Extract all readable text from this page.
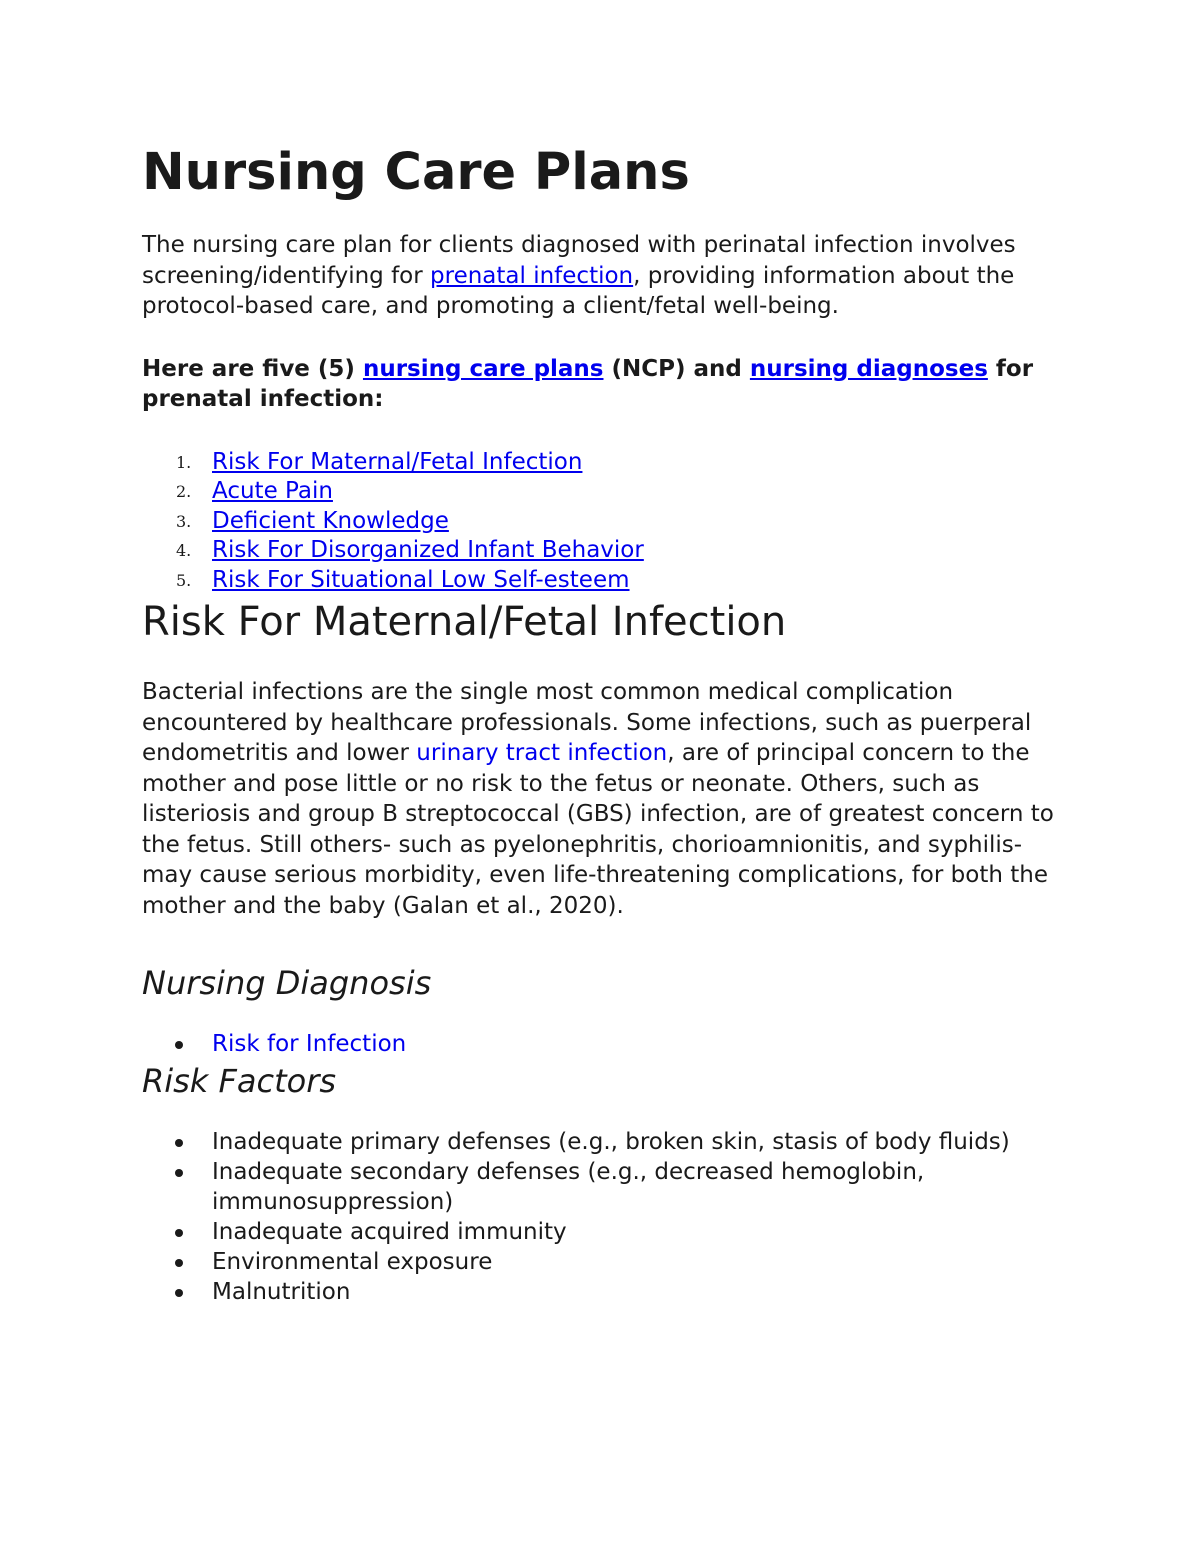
Nursing Care Plans

The nursing care plan for clients diagnosed with perinatal infection involves screening/identifying for prenatal infection, providing information about the protocol-based care, and promoting a client/fetal well-being.

Here are five (5) nursing care plans (NCP) and nursing diagnoses for prenatal infection:

1. Risk For Maternal/Fetal Infection
2. Acute Pain
3. Deficient Knowledge
4. Risk For Disorganized Infant Behavior
5. Risk For Situational Low Self-esteem
Risk For Maternal/Fetal Infection

Bacterial infections are the single most common medical complication encountered by healthcare professionals. Some infections, such as puerperal endometritis and lower urinary tract infection, are of principal concern to the mother and pose little or no risk to the fetus or neonate. Others, such as listeriosis and group B streptococcal (GBS) infection, are of greatest concern to the fetus. Still others- such as pyelonephritis, chorioamnionitis, and syphilis- may cause serious morbidity, even life-threatening complications, for both the mother and the baby (Galan et al., 2020).

Nursing Diagnosis
Risk for Infection
Risk Factors
Inadequate primary defenses (e.g., broken skin, stasis of body fluids)
Inadequate secondary defenses (e.g., decreased hemoglobin, immunosuppression)
Inadequate acquired immunity
Environmental exposure
Malnutrition
